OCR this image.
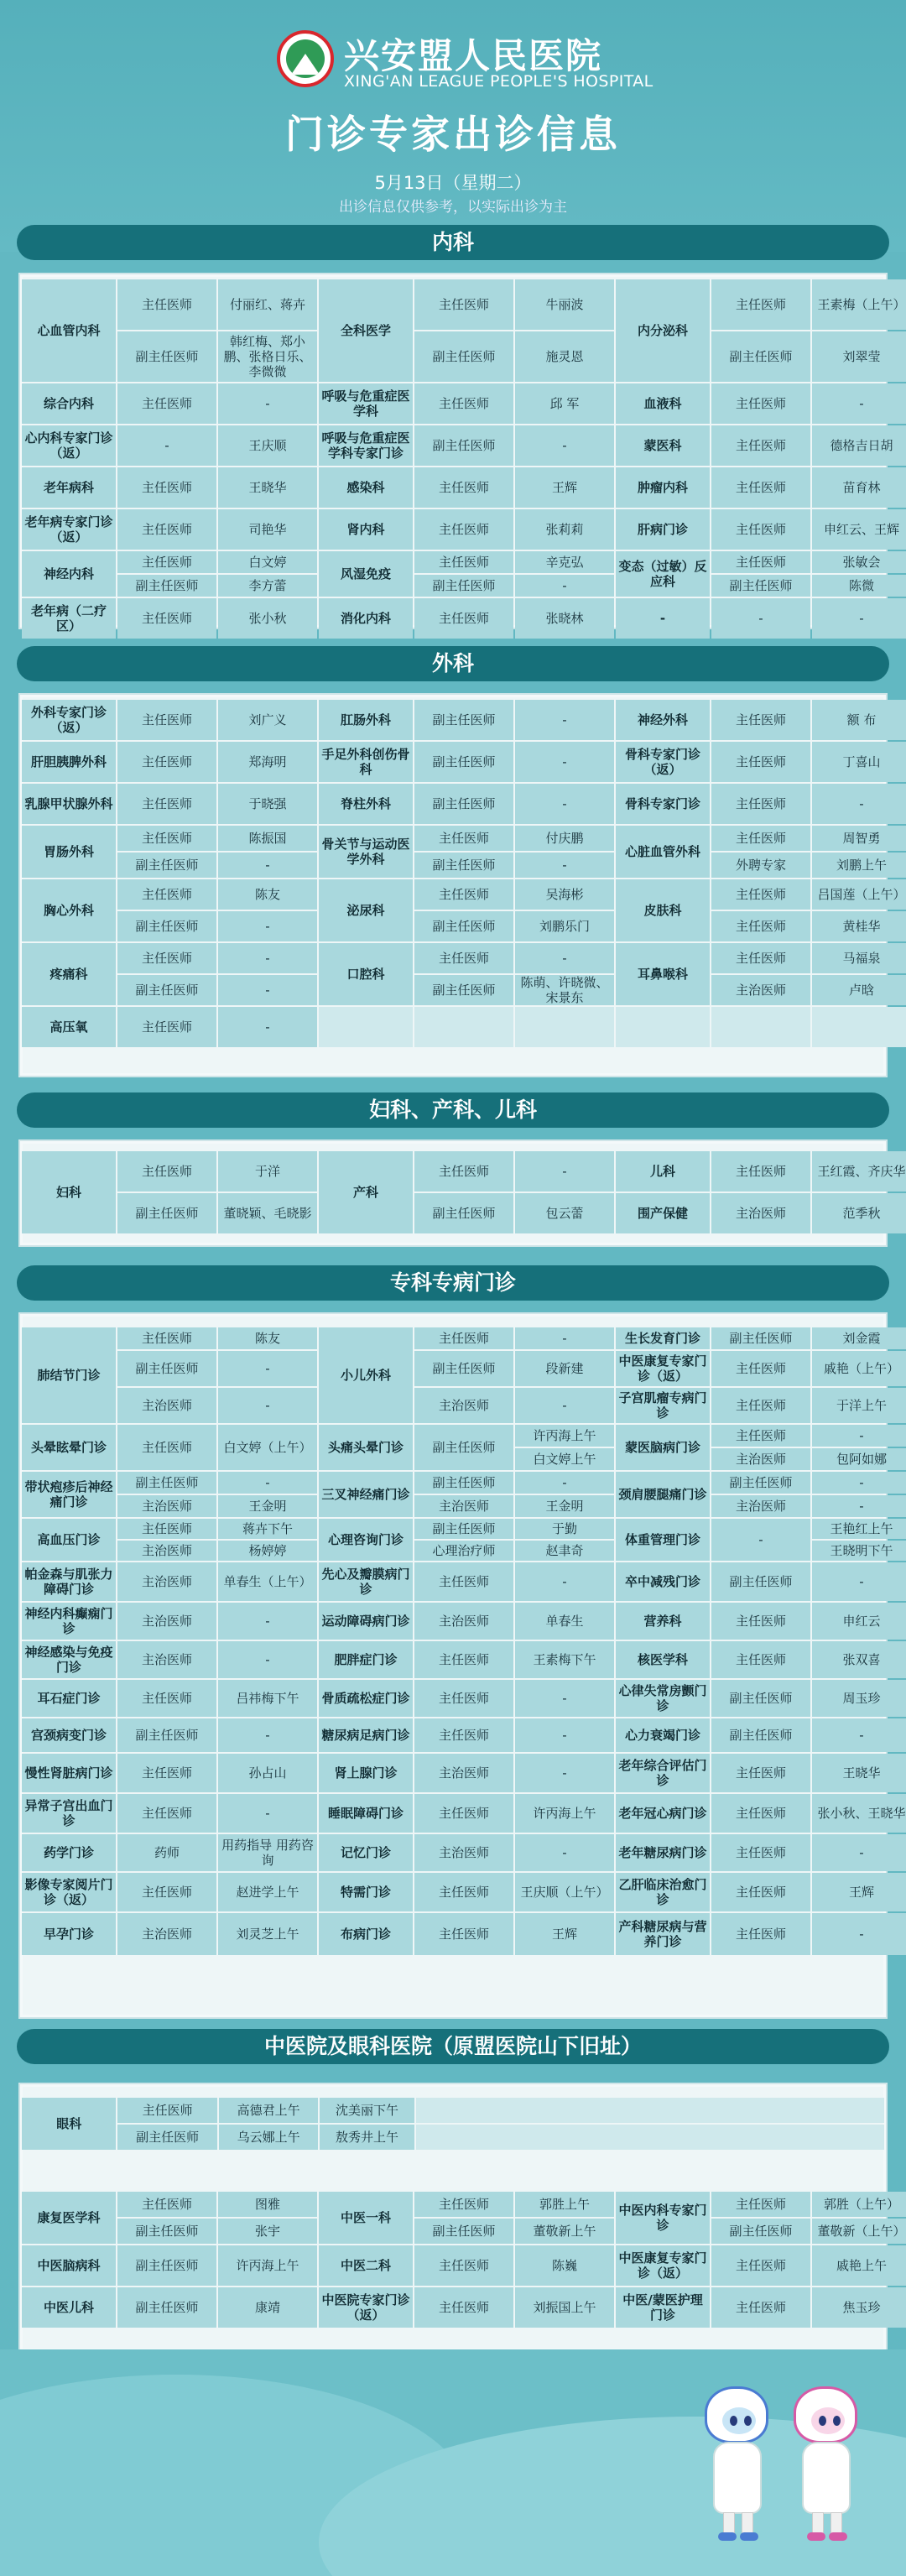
兴安盟人民医院
XING'AN LEAGUE PEOPLE'S HOSPITAL
门诊专家出诊信息
5月13日（星期二）
出诊信息仅供参考，以实际出诊为主
内科
心血管内科	主任医师	付丽红、蒋卉	全科医学	主任医师	牛丽波	内分泌科	主任医师	王素梅（上午）
	副主任医师	韩红梅、郑小鹏、张格日乐、李微微		副主任医师	施灵恩		副主任医师	刘翠莹
综合内科	主任医师	-	呼吸与危重症医学科	主任医师	邱 军	血液科	主任医师	-
心内科专家门诊（返）	-	王庆顺	呼吸与危重症医学科专家门诊	副主任医师	-	蒙医科	主任医师	德格吉日胡
老年病科	主任医师	王晓华	感染科	主任医师	王辉	肿瘤内科	主任医师	苗育林
老年病专家门诊（返）	主任医师	司艳华	肾内科	主任医师	张莉莉	肝病门诊	主任医师	申红云、王辉
神经内科	主任医师	白文婷	风湿免疫	主任医师	辛克弘	变态（过敏）反应科	主任医师	张敏会
	副主任医师	李方蕾		副主任医师	-		副主任医师	陈微
老年病（二疗区）	主任医师	张小秋	消化内科	主任医师	张晓林	-	-	-
外科
外科专家门诊（返）	主任医师	刘广义	肛肠外科	副主任医师	-	神经外科	主任医师	额 布
肝胆胰脾外科	主任医师	郑海明	手足外科创伤骨科	副主任医师	-	骨科专家门诊（返）	主任医师	丁喜山
乳腺甲状腺外科	主任医师	于晓强	脊柱外科	副主任医师	-	骨科专家门诊	主任医师	-
胃肠外科	主任医师	陈振国	骨关节与运动医学外科	主任医师	付庆鹏	心脏血管外科	主任医师	周智勇
	副主任医师	-		副主任医师	-		外聘专家	刘鹏上午
胸心外科	主任医师	陈友	泌尿科	主任医师	吴海彬	皮肤科	主任医师	吕国莲（上午）
	副主任医师	-		副主任医师	刘鹏乐门		主任医师	黄桂华
疼痛科	主任医师	-	口腔科	主任医师	-	耳鼻喉科	主任医师	马福泉
	副主任医师	-		副主任医师	陈萌、许晓微、宋景东		主治医师	卢晗
高压氧	主任医师	-						
妇科、产科、儿科
妇科	主任医师	于洋	产科	主任医师	-	儿科	主任医师	王红霞、齐庆华
	副主任医师	董晓颖、毛晓影		副主任医师	包云蕾	围产保健	主治医师	范季秋
专科专病门诊
肺结节门诊	主任医师	陈友	小儿外科	主任医师	-	生长发育门诊	副主任医师	刘金霞
	副主任医师	-		副主任医师	段新建	中医康复专家门诊（返）	主任医师	戚艳（上午）
	主治医师	-		主治医师	-	子宫肌瘤专病门诊	主任医师	于洋上午
头晕眩晕门诊	主任医师	白文婷（上午）	头痛头晕门诊	副主任医师	许丙海上午	蒙医脑病门诊	主任医师	-
					白文婷上午		主治医师	包阿如娜
带状疱疹后神经痛门诊	副主任医师	-	三叉神经痛门诊	副主任医师	-	颈肩腰腿痛门诊	副主任医师	-
	主治医师	王金明		主治医师	王金明		主治医师	-
高血压门诊	主任医师	蒋卉下午	心理咨询门诊	副主任医师	于勤	体重管理门诊	-	王艳红上午
	主治医师	杨婷婷		心理治疗师	赵聿奇			王晓明下午
帕金森与肌张力障碍门诊	主治医师	单春生（上午）	先心及瓣膜病门诊	主任医师	-	卒中减残门诊	副主任医师	-
神经内科癫痫门诊	主治医师	-	运动障碍病门诊	主治医师	单春生	营养科	主任医师	申红云
神经感染与免疫门诊	主治医师	-	肥胖症门诊	主任医师	王素梅下午	核医学科	主任医师	张双喜
耳石症门诊	主任医师	吕祎梅下午	骨质疏松症门诊	主任医师	-	心律失常房颤门诊	副主任医师	周玉珍
宫颈病变门诊	副主任医师	-	糖尿病足病门诊	主任医师	-	心力衰竭门诊	副主任医师	-
慢性肾脏病门诊	主任医师	孙占山	肾上腺门诊	主治医师	-	老年综合评估门诊	主任医师	王晓华
异常子宫出血门诊	主任医师	-	睡眠障碍门诊	主任医师	许丙海上午	老年冠心病门诊	主任医师	张小秋、王晓华
药学门诊	药师	用药指导 用药咨询	记忆门诊	主治医师	-	老年糖尿病门诊	主任医师	-
影像专家阅片门诊（返）	主任医师	赵进学上午	特需门诊	主任医师	王庆顺（上午）	乙肝临床治愈门诊	主任医师	王辉
早孕门诊	主治医师	刘灵芝上午	布病门诊	主任医师	王辉	产科糖尿病与营养门诊	主任医师	-
中医院及眼科医院（原盟医院山下旧址）
眼科	主任医师	高德君上午	沈美丽下午	
	副主任医师	乌云娜上午	敖秀井上午	
康复医学科	主任医师	图雅	中医一科	主任医师	郭胜上午	中医内科专家门诊	主任医师	郭胜（上午）
	副主任医师	张宇		副主任医师	董敬新上午		副主任医师	董敬新（上午）
中医脑病科	副主任医师	许丙海上午	中医二科	主任医师	陈巍	中医康复专家门诊（返）	主任医师	戚艳上午
中医儿科	副主任医师	康靖	中医院专家门诊（返）	主任医师	刘振国上午	中医/蒙医护理门诊	主任医师	焦玉珍
